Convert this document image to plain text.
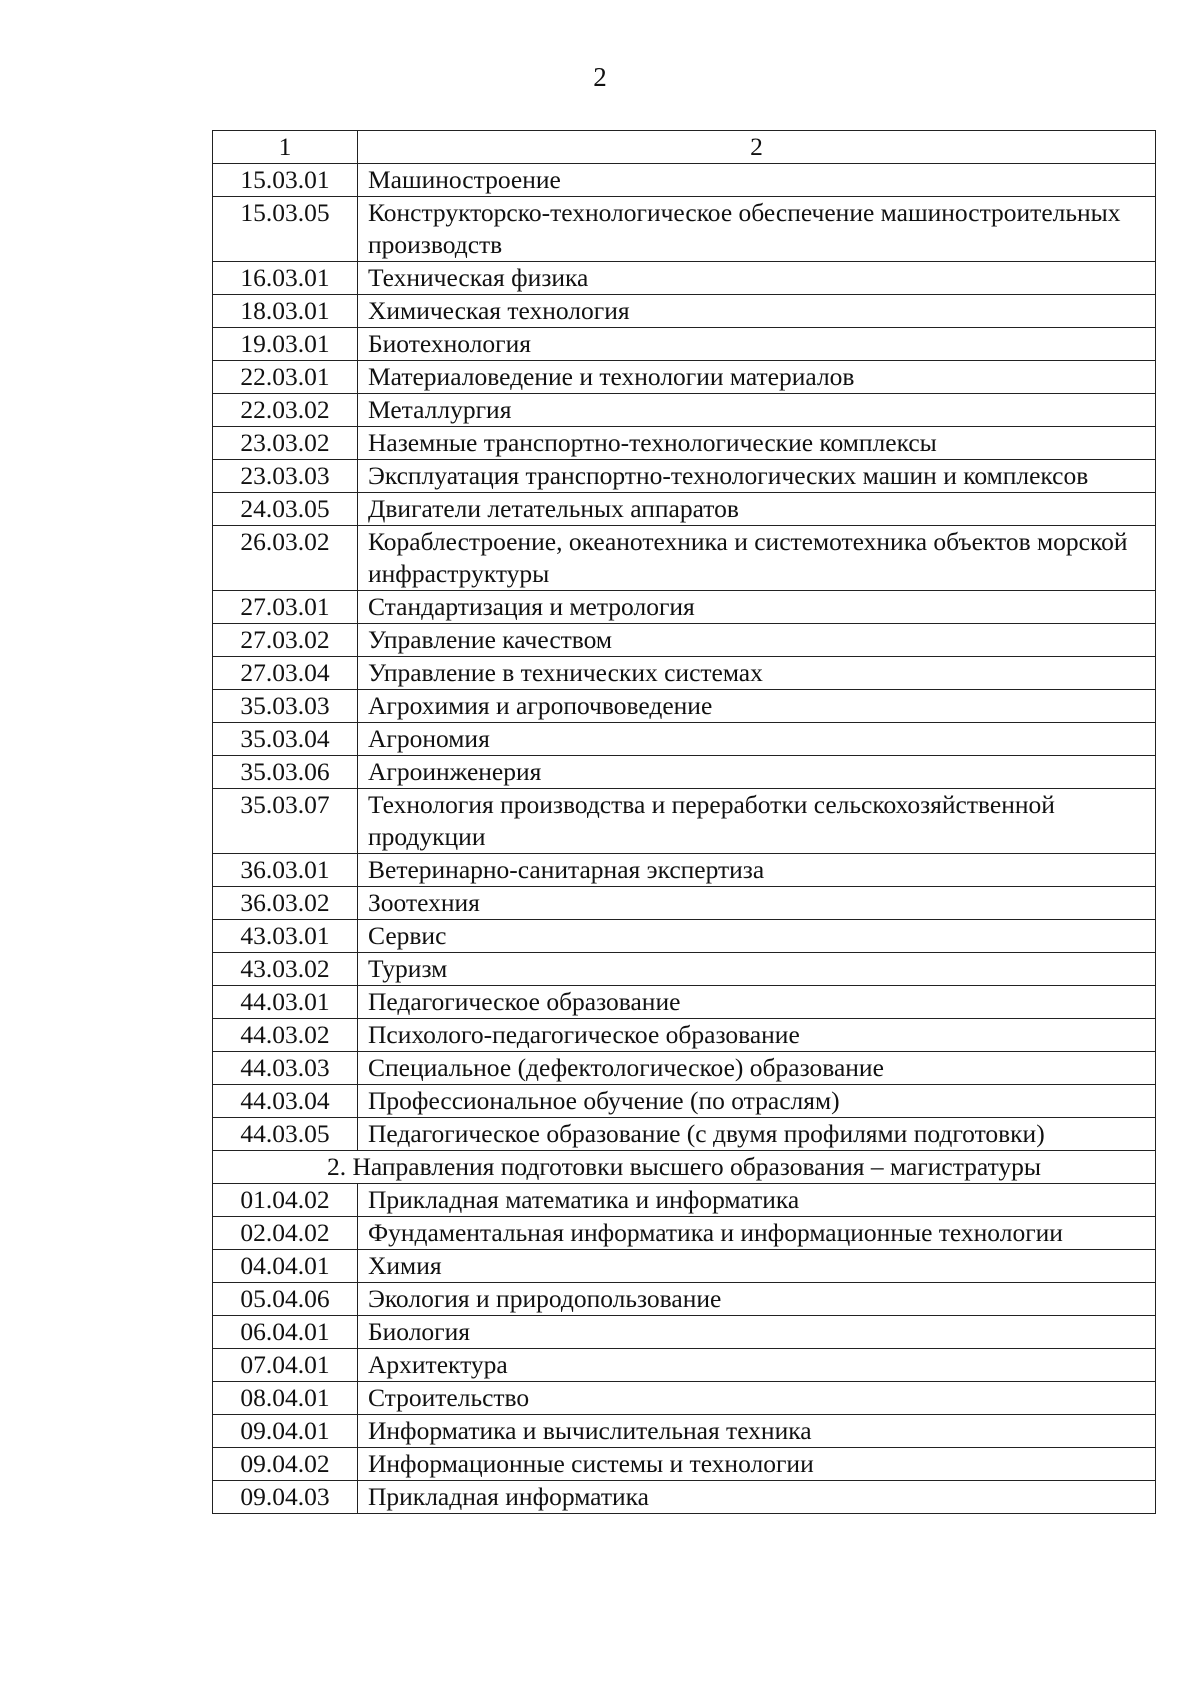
2
1	2
15.03.01	Машиностроение
15.03.05	Конструкторско-технологическое обеспечение машиностроительных производств
16.03.01	Техническая физика
18.03.01	Химическая технология
19.03.01	Биотехнология
22.03.01	Материаловедение и технологии материалов
22.03.02	Металлургия
23.03.02	Наземные транспортно-технологические комплексы
23.03.03	Эксплуатация транспортно-технологических машин и комплексов
24.03.05	Двигатели летательных аппаратов
26.03.02	Кораблестроение, океанотехника и системотехника объектов морской инфраструктуры
27.03.01	Стандартизация и метрология
27.03.02	Управление качеством
27.03.04	Управление в технических системах
35.03.03	Агрохимия и агропочвоведение
35.03.04	Агрономия
35.03.06	Агроинженерия
35.03.07	Технология производства и переработки сельскохозяйственной продукции
36.03.01	Ветеринарно-санитарная экспертиза
36.03.02	Зоотехния
43.03.01	Сервис
43.03.02	Туризм
44.03.01	Педагогическое образование
44.03.02	Психолого-педагогическое образование
44.03.03	Специальное (дефектологическое) образование
44.03.04	Профессиональное обучение (по отраслям)
44.03.05	Педагогическое образование (с двумя профилями подготовки)
2. Направления подготовки высшего образования – магистратуры	
01.04.02	Прикладная математика и информатика
02.04.02	Фундаментальная информатика и информационные технологии
04.04.01	Химия
05.04.06	Экология и природопользование
06.04.01	Биология
07.04.01	Архитектура
08.04.01	Строительство
09.04.01	Информатика и вычислительная техника
09.04.02	Информационные системы и технологии
09.04.03	Прикладная информатика
